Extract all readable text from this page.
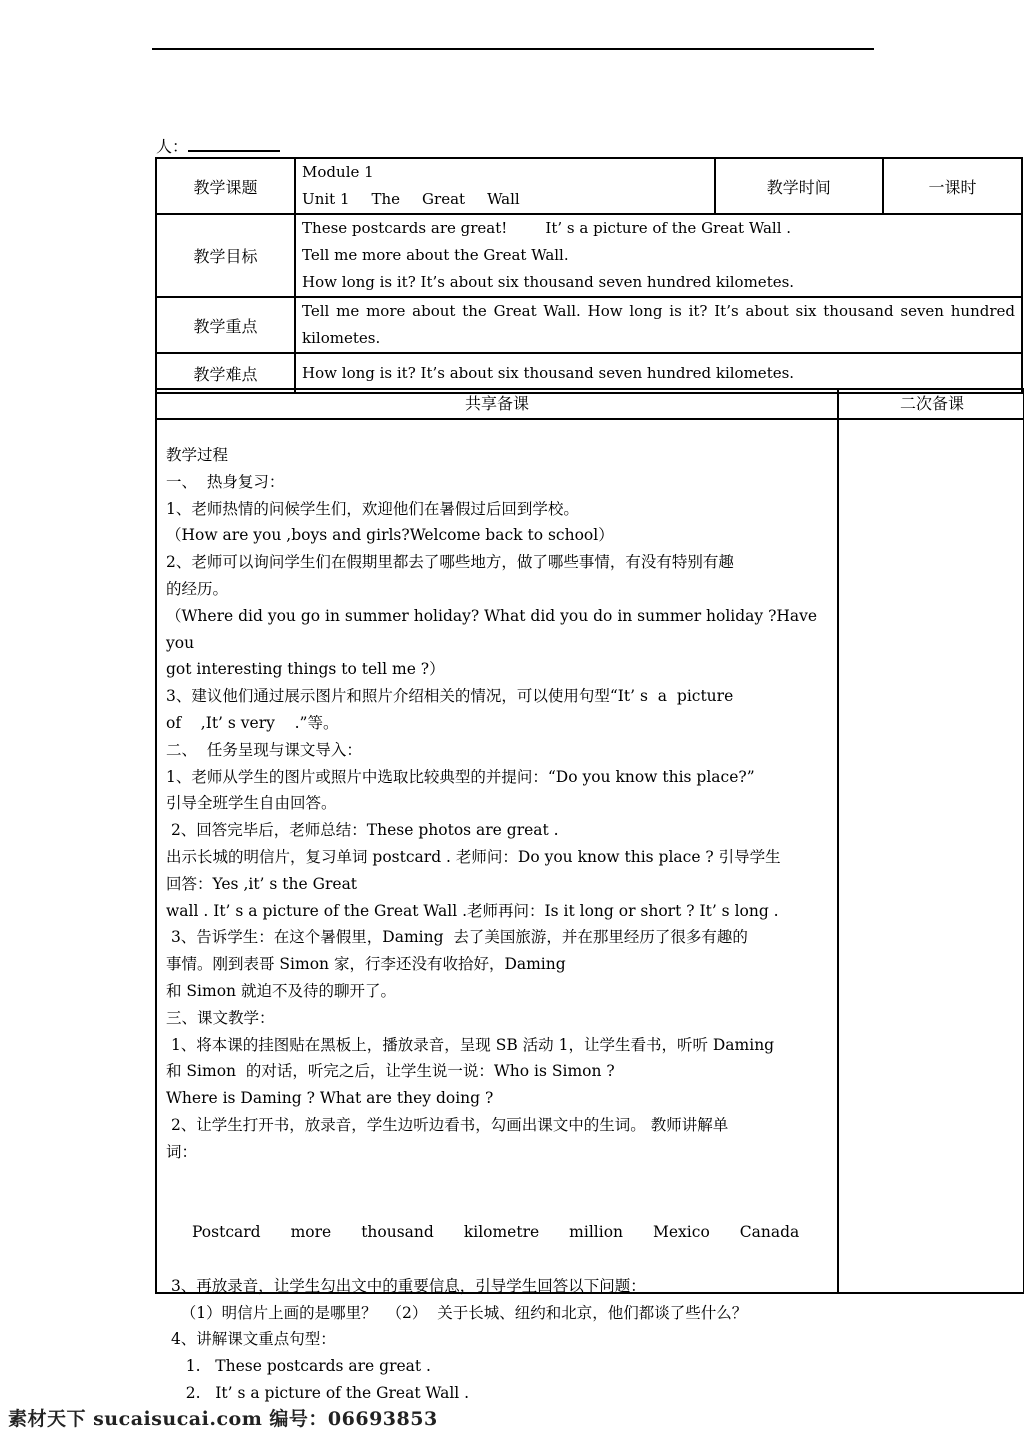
人：
教学课题	Module 1
Unit 1 The Great Wall	教学时间	一课时
教学目标	These postcards are great!        It’ s a picture of the Great Wall .
Tell me more about the Great Wall.
How long is it? It’s about six thousand seven hundred kilometes.		

教学重点	Tell me more about the Great Wall. How long is it? It’s about six thousand seven hundred kilometes.		
教学难点	How long is it? It’s about six thousand seven hundred kilometes.		
共享备课	二次备课

教学过程

一、  热身复习：

1、老师热情的问候学生们，欢迎他们在暑假过后回到学校。

（How are you ,boys and girls?Welcome back to school）

2、老师可以询问学生们在假期里都去了哪些地方，做了哪些事情，有没有特别有趣

的经历。

（Where did you go in summer holiday? What did you do in summer holiday ?Have you

got interesting things to tell me ?）

3、建议他们通过展示图片和照片介绍相关的情况，可以使用句型“It’ s  a  picture

of    ,It’ s very    .”等。

二、  任务呈现与课文导入：

1、老师从学生的图片或照片中选取比较典型的并提问：“Do you know this place?”

引导全班学生自由回答。

2、回答完毕后，老师总结：These photos are great .

出示长城的明信片，复习单词 postcard . 老师问：Do you know this place ? 引导学生

回答：Yes ,it’ s the Great

wall . It’ s a picture of the Great Wall .老师再问：Is it long or short ? It’ s long .

3、告诉学生：在这个暑假里，Daming  去了美国旅游，并在那里经历了很多有趣的

事情。刚到表哥 Simon 家，行李还没有收拾好，Daming

和 Simon 就迫不及待的聊开了。

三、课文教学：

1、将本课的挂图贴在黑板上，播放录音，呈现 SB 活动 1，让学生看书，听听 Daming

和 Simon  的对话，听完之后，让学生说一说：Who is Simon ?

Where is Daming ? What are they doing ?

2、让学生打开书，放录音，学生边听边看书，勾画出课文中的生词。 教师讲解单

词：

Postcard more thousand kilometre million Mexico Canada

3、再放录音，让学生勾出文中的重要信息，引导学生回答以下问题：

（1）明信片上画的是哪里？  （2）  关于长城、纽约和北京，他们都谈了些什么？

4、讲解课文重点句型：

1.   These postcards are great .

2.   It’ s a picture of the Great Wall .

素材天下 sucaisucai.com 编号：06693853
